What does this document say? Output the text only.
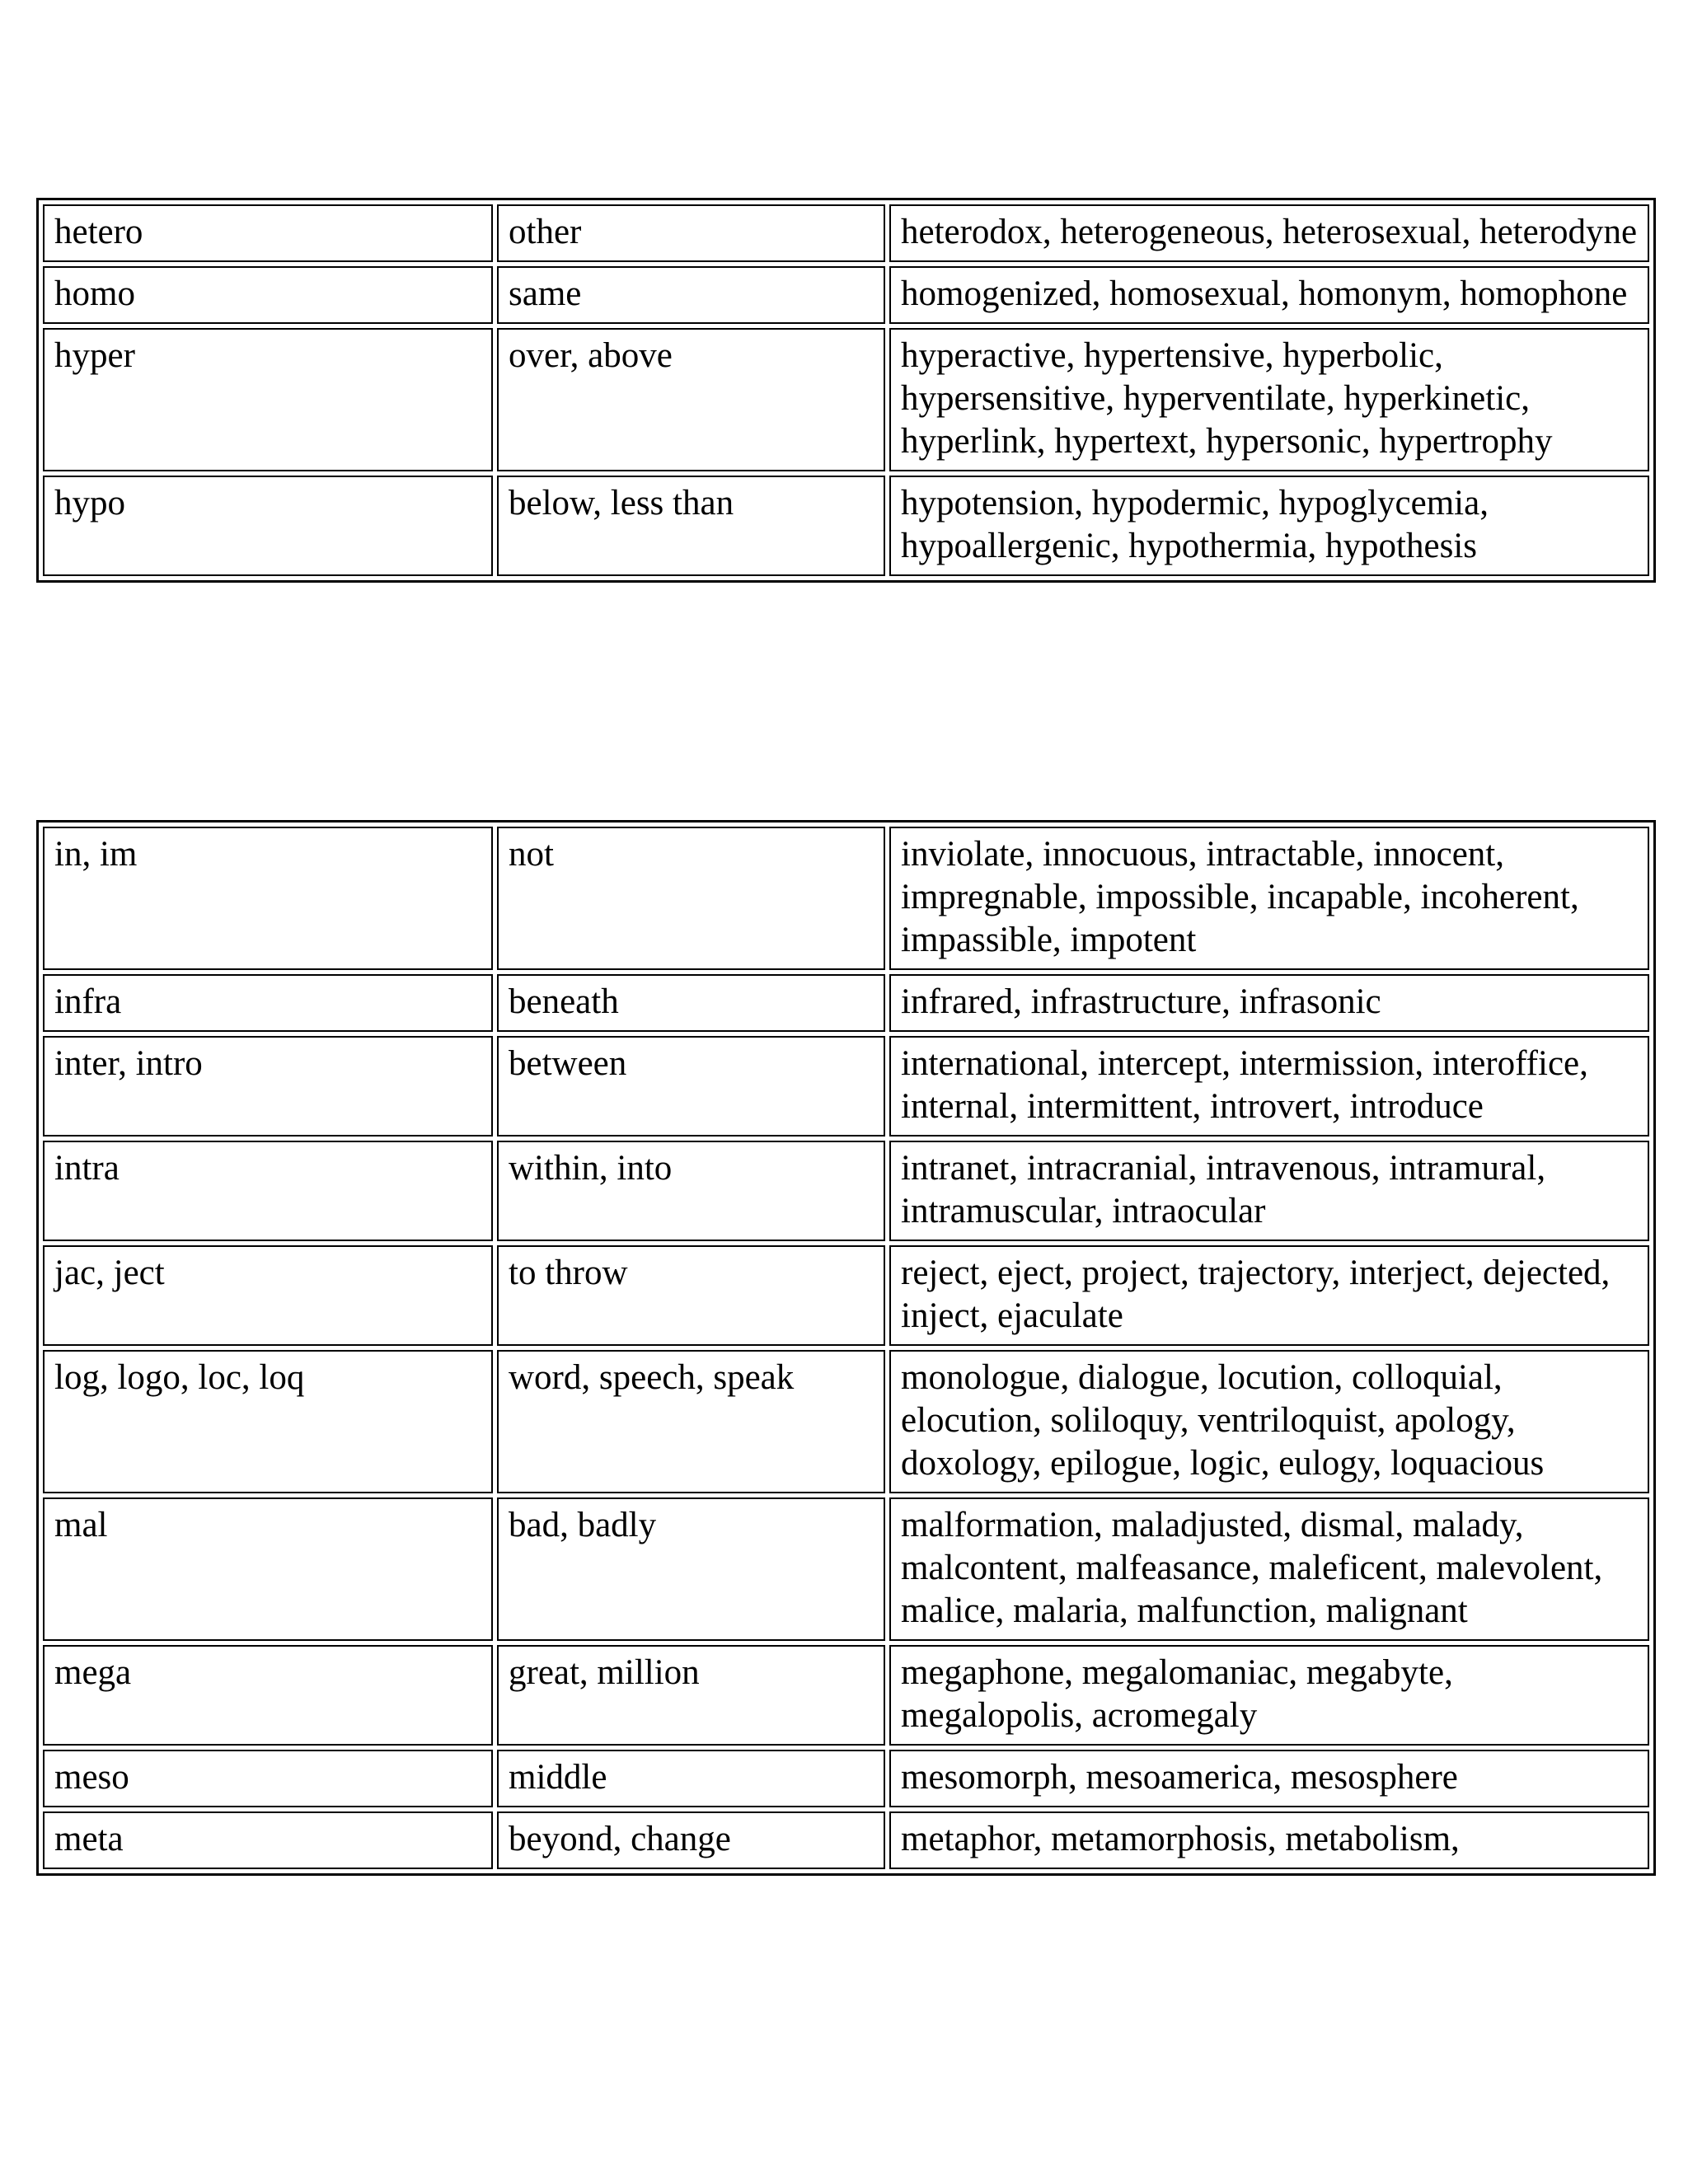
hetero	other	heterodox, heterogeneous, heterosexual, heterodyne
homo	same	homogenized, homosexual, homonym, homophone
hyper	over, above	hyperactive, hypertensive, hyperbolic, hypersensitive, hyperventilate, hyperkinetic, hyperlink, hypertext, hypersonic, hypertrophy
hypo	below, less than	hypotension, hypodermic, hypoglycemia, hypoallergenic, hypothermia, hypothesis
in, im	not	inviolate, innocuous, intractable, innocent, impregnable, impossible, incapable, incoherent, impassible, impotent
infra	beneath	infrared, infrastructure, infrasonic
inter, intro	between	international, intercept, intermission, interoffice, internal, intermittent, introvert, introduce
intra	within, into	intranet, intracranial, intravenous, intramural, intramuscular, intraocular
jac, ject	to throw	reject, eject, project, trajectory, interject, dejected, inject, ejaculate
log, logo, loc, loq	word, speech, speak	monologue, dialogue, locution, colloquial, elocution, soliloquy, ventriloquist, apology, doxology, epilogue, logic, eulogy, loquacious
mal	bad, badly	malformation, maladjusted, dismal, malady, malcontent, malfeasance, maleficent, malevolent, malice, malaria, malfunction, malignant
mega	great, million	megaphone, megalomaniac, megabyte, megalopolis, acromegaly
meso	middle	mesomorph, mesoamerica, mesosphere
meta	beyond, change	metaphor, metamorphosis, metabolism,
